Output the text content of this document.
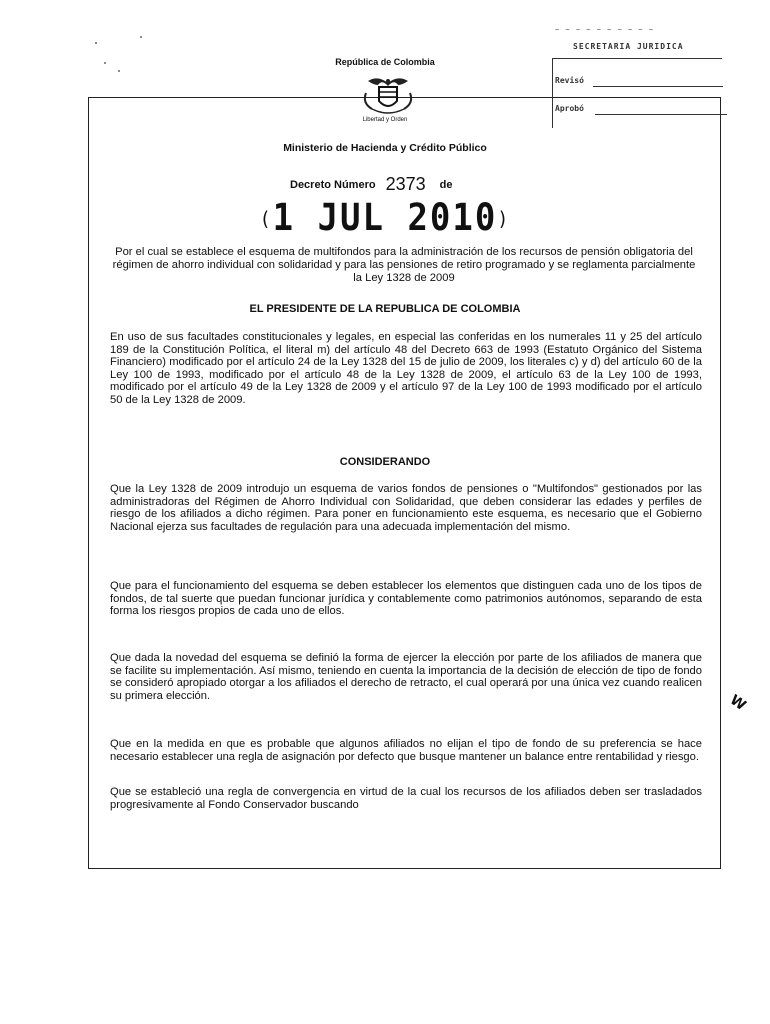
~ ~ ~ ~ ~ ~ ~ ~ ~ ~
SECRETARIA JURIDICA
Revisó
Aprobó
República de Colombia
Libertad y Orden
Ministerio de Hacienda y Crédito Público
Decreto Número 2373 de
(1 JUL 2010)
Por el cual se establece el esquema de multifondos para la administración de los recursos de pensión obligatoria del régimen de ahorro individual con solidaridad y para las pensiones de retiro programado y se reglamenta parcialmente la Ley 1328 de 2009
EL PRESIDENTE DE LA REPUBLICA DE COLOMBIA
En uso de sus facultades constitucionales y legales, en especial las conferidas en los numerales 11 y 25 del artículo 189 de la Constitución Política, el literal m) del artículo 48 del Decreto 663 de 1993 (Estatuto Orgánico del Sistema Financiero) modificado por el artículo 24 de la Ley 1328 del 15 de julio de 2009, los literales c) y d) del artículo 60 de la Ley 100 de 1993, modificado por el artículo 48 de la Ley 1328 de 2009, el artículo 63 de la Ley 100 de 1993, modificado por el artículo 49 de la Ley 1328 de 2009 y el artículo 97 de la Ley 100 de 1993 modificado por el artículo 50 de la Ley 1328 de 2009.
CONSIDERANDO
Que la Ley 1328 de 2009 introdujo un esquema de varios fondos de pensiones o "Multifondos" gestionados por las administradoras del Régimen de Ahorro Individual con Solidaridad, que deben considerar las edades y perfiles de riesgo de los afiliados a dicho régimen. Para poner en funcionamiento este esquema, es necesario que el Gobierno Nacional ejerza sus facultades de regulación para una adecuada implementación del mismo.
Que para el funcionamiento del esquema se deben establecer los elementos que distinguen cada uno de los tipos de fondos, de tal suerte que puedan funcionar jurídica y contablemente como patrimonios autónomos, separando de esta forma los riesgos propios de cada uno de ellos.
Que dada la novedad del esquema se definió la forma de ejercer la elección por parte de los afiliados de manera que se facilite su implementación. Así mismo, teniendo en cuenta la importancia de la decisión de elección de tipo de fondo se consideró apropiado otorgar a los afiliados el derecho de retracto, el cual operará por una única vez cuando realicen su primera elección.
Que en la medida en que es probable que algunos afiliados no elijan el tipo de fondo de su preferencia se hace necesario establecer una regla de asignación por defecto que busque mantener un balance entre rentabilidad y riesgo.
Que se estableció una regla de convergencia en virtud de la cual los recursos de los afiliados deben ser trasladados progresivamente al Fondo Conservador buscando
W
